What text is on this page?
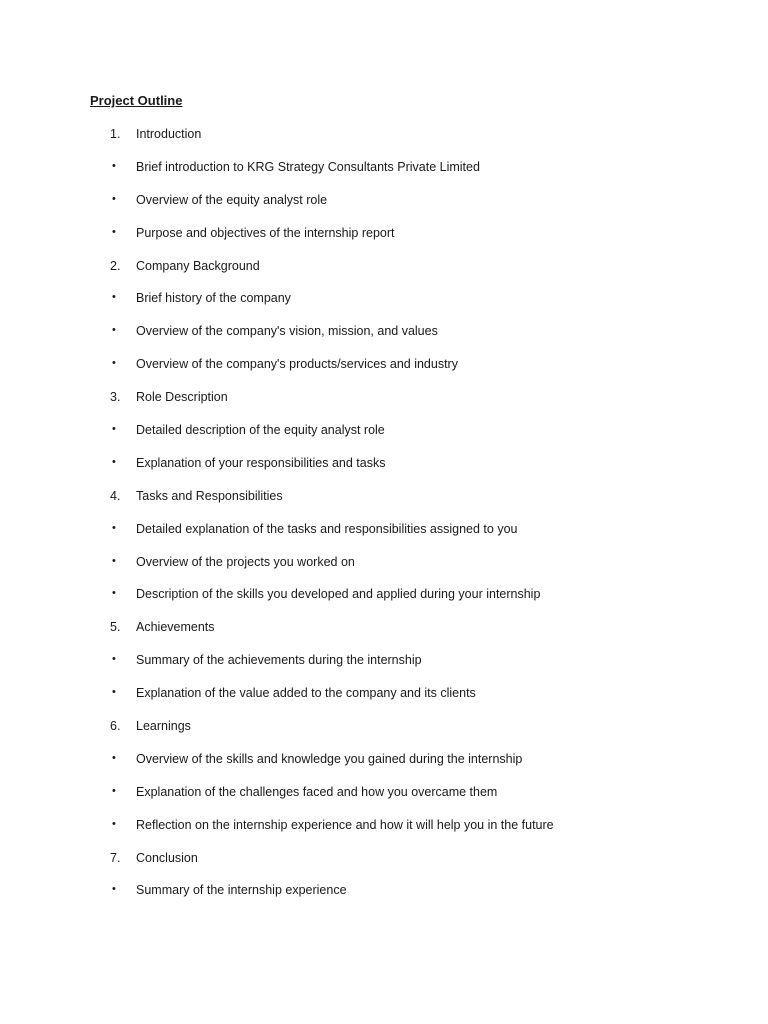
Project Outline
1.	Introduction
•	Brief introduction to KRG Strategy Consultants Private Limited
•	Overview of the equity analyst role
•	Purpose and objectives of the internship report
2.	Company Background
•	Brief history of the company
•	Overview of the company's vision, mission, and values
•	Overview of the company's products/services and industry
3.	Role Description
•	Detailed description of the equity analyst role
•	Explanation of your responsibilities and tasks
4.	Tasks and Responsibilities
•	Detailed explanation of the tasks and responsibilities assigned to you
•	Overview of the projects you worked on
•	Description of the skills you developed and applied during your internship
5.	Achievements
•	Summary of the achievements during the internship
•	Explanation of the value added to the company and its clients
6.	Learnings
•	Overview of the skills and knowledge you gained during the internship
•	Explanation of the challenges faced and how you overcame them
•	Reflection on the internship experience and how it will help you in the future
7.	Conclusion
•	Summary of the internship experience
